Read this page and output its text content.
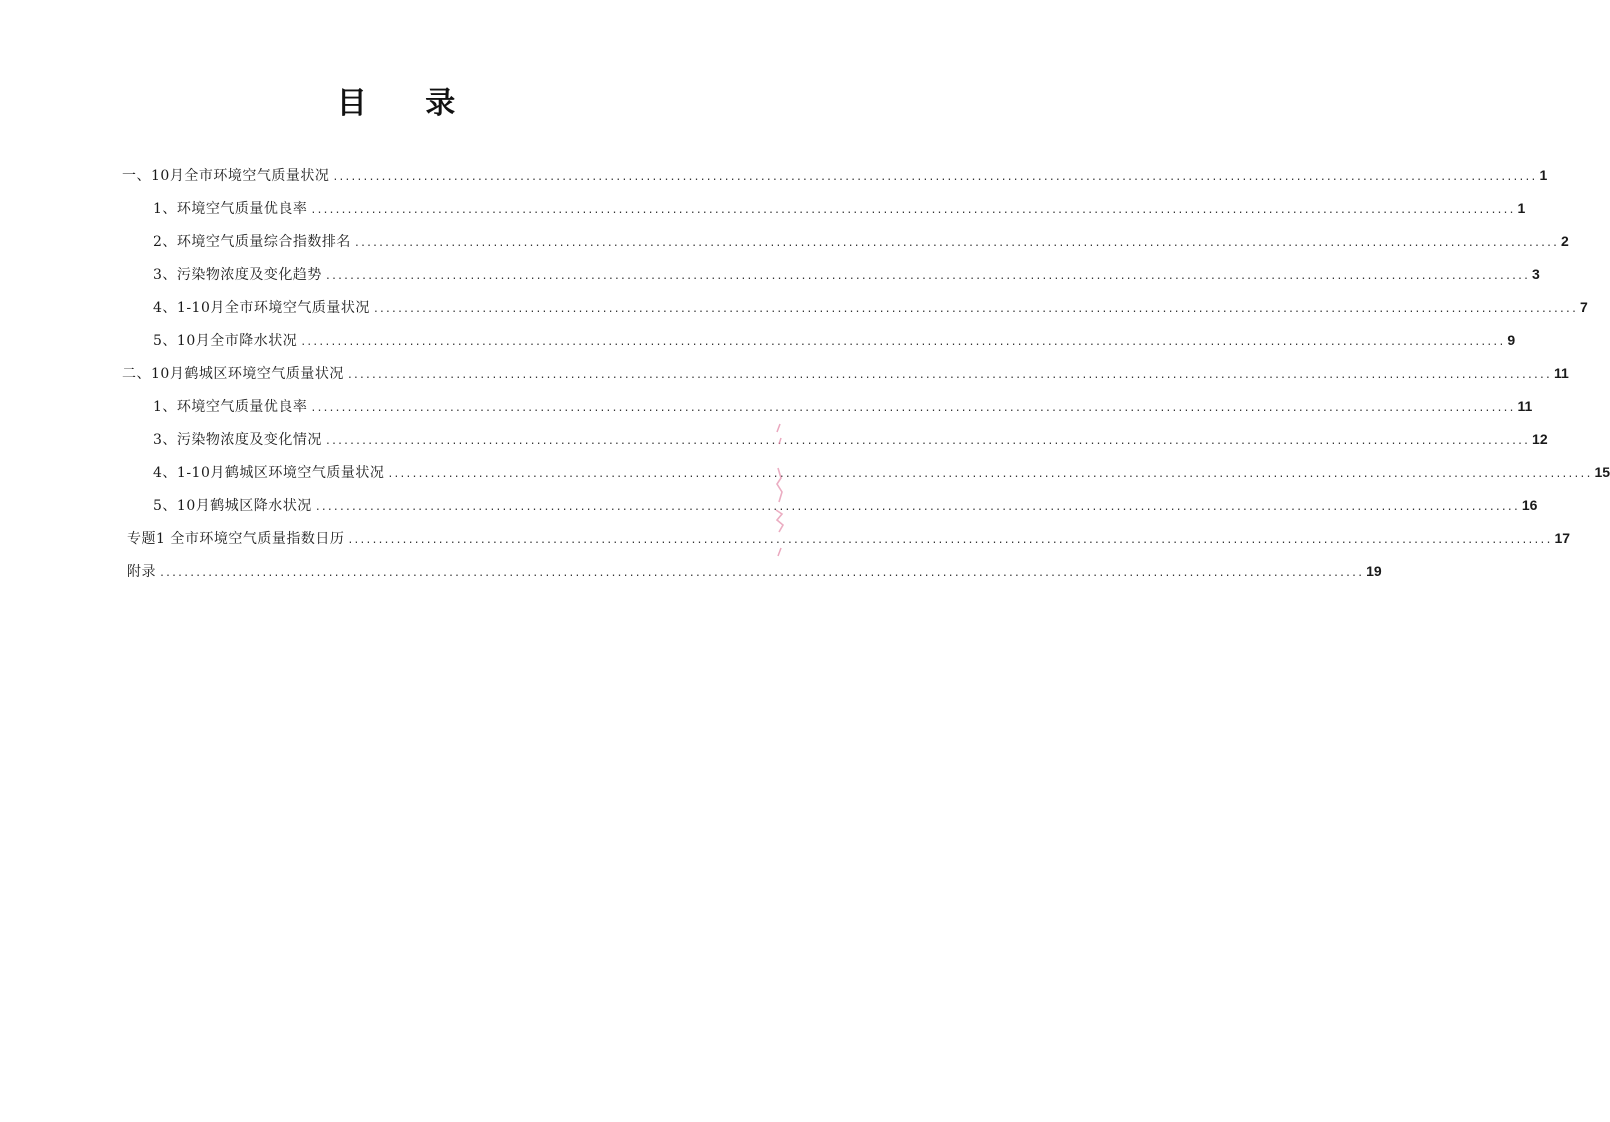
目 录
一、10月全市环境空气质量状况 ........................................................................................................................................................................................................ 1
1、环境空气质量优良率 ........................................................................................................................................................................................................ 1
2、环境空气质量综合指数排名 ........................................................................................................................................................................................................ 2
3、污染物浓度及变化趋势 ........................................................................................................................................................................................................ 3
4、1-10月全市环境空气质量状况 ........................................................................................................................................................................................................ 7
5、10月全市降水状况 ........................................................................................................................................................................................................ 9
二、10月鹤城区环境空气质量状况 ........................................................................................................................................................................................................ 11
1、环境空气质量优良率 ........................................................................................................................................................................................................ 11
3、污染物浓度及变化情况 ........................................................................................................................................................................................................ 12
4、1-10月鹤城区环境空气质量状况 ........................................................................................................................................................................................................ 15
5、10月鹤城区降水状况 ........................................................................................................................................................................................................ 16
专题1 全市环境空气质量指数日历 ........................................................................................................................................................................................................ 17
附录 ........................................................................................................................................................................................................ 19
